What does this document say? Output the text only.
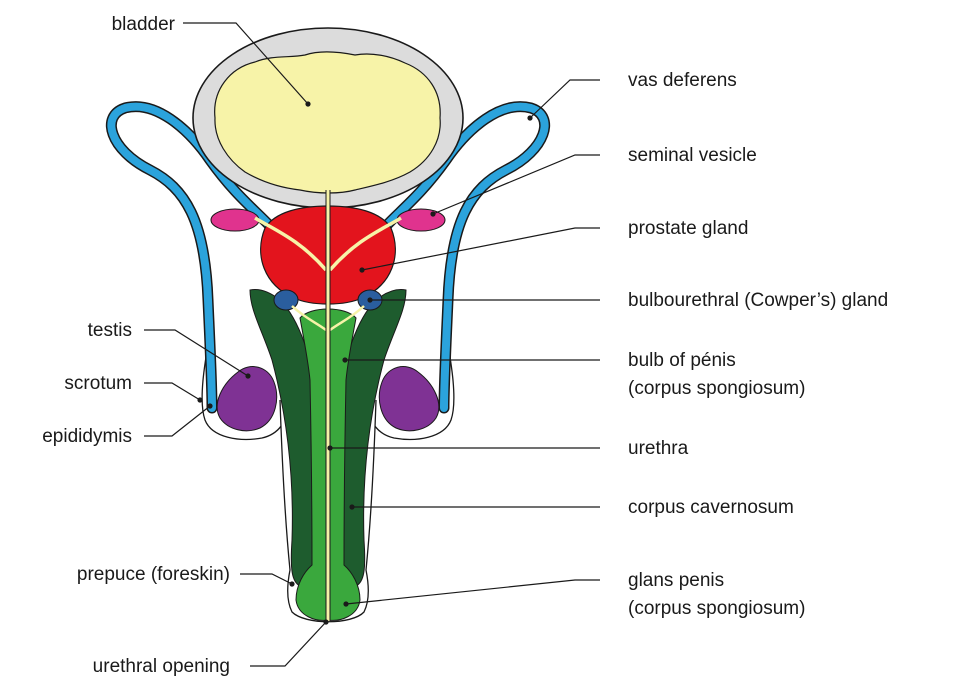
bladder
vas deferens
seminal vesicle
prostate gland
bulbourethral (Cowper’s) gland
bulb of pénis
(corpus spongiosum)
urethra
corpus cavernosum
glans penis
(corpus spongiosum)
testis
scrotum
epididymis
prepuce (foreskin)
urethral opening
